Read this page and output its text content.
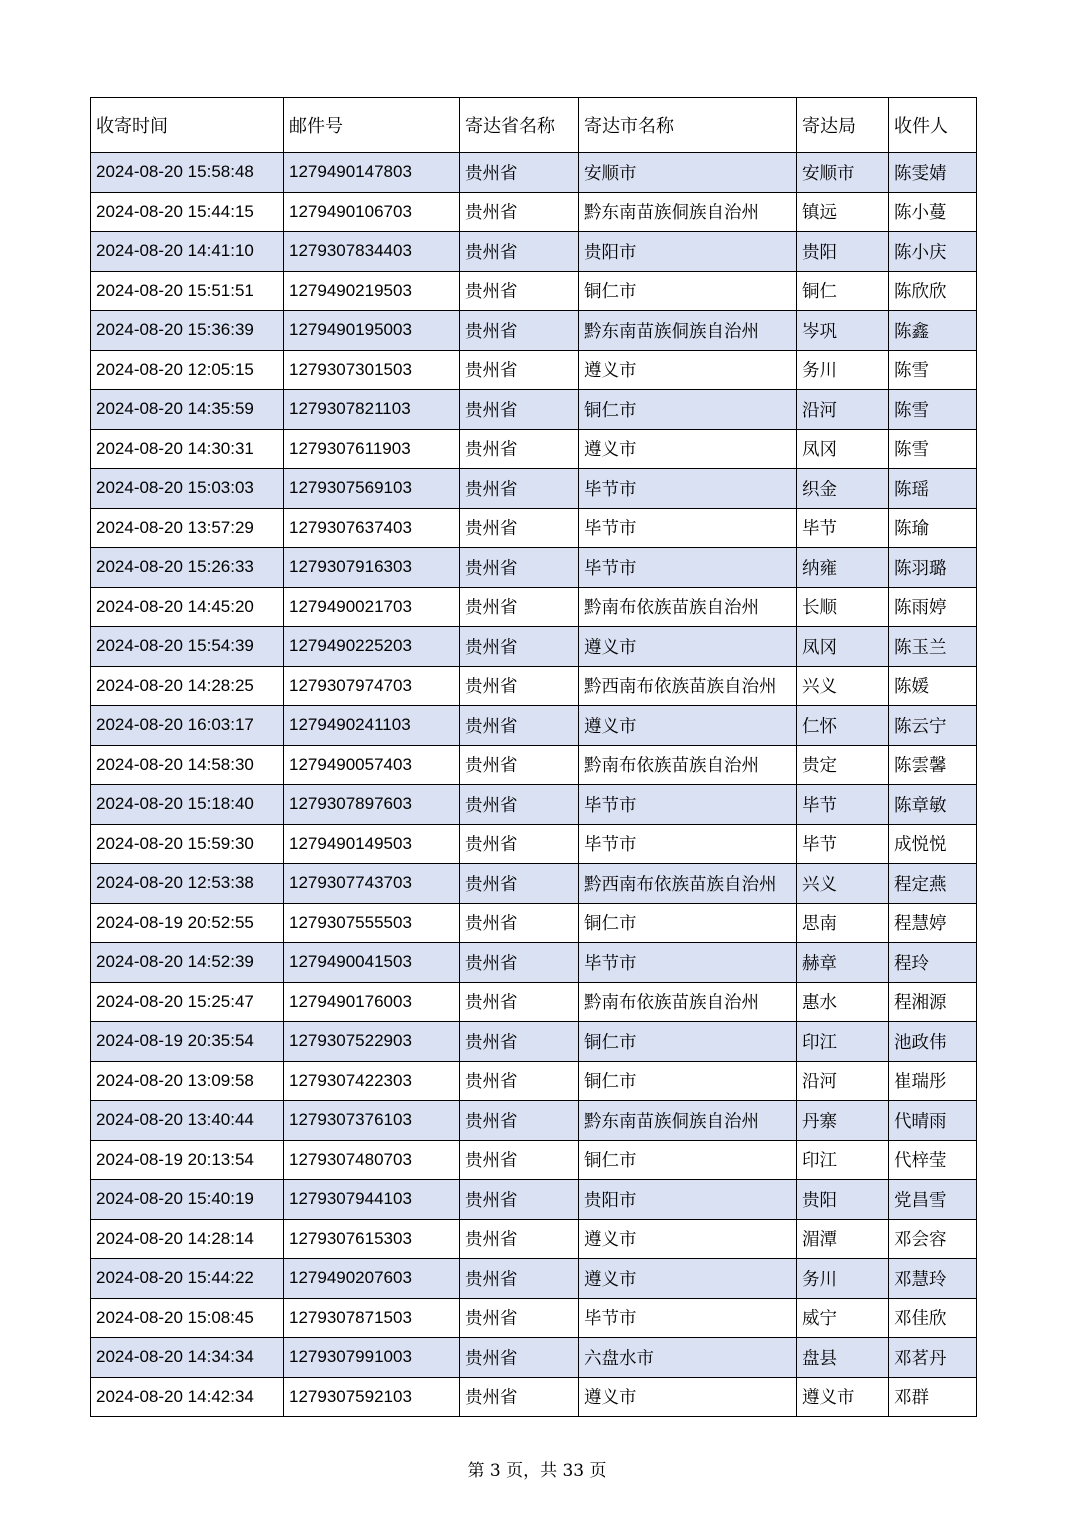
收寄时间	邮件号	寄达省名称	寄达市名称	寄达局	收件人
2024-08-20 15:58:48	1279490147803	贵州省	安顺市	安顺市	陈雯婧
2024-08-20 15:44:15	1279490106703	贵州省	黔东南苗族侗族自治州	镇远	陈小蔓
2024-08-20 14:41:10	1279307834403	贵州省	贵阳市	贵阳	陈小庆
2024-08-20 15:51:51	1279490219503	贵州省	铜仁市	铜仁	陈欣欣
2024-08-20 15:36:39	1279490195003	贵州省	黔东南苗族侗族自治州	岑巩	陈鑫
2024-08-20 12:05:15	1279307301503	贵州省	遵义市	务川	陈雪
2024-08-20 14:35:59	1279307821103	贵州省	铜仁市	沿河	陈雪
2024-08-20 14:30:31	1279307611903	贵州省	遵义市	凤冈	陈雪
2024-08-20 15:03:03	1279307569103	贵州省	毕节市	织金	陈瑶
2024-08-20 13:57:29	1279307637403	贵州省	毕节市	毕节	陈瑜
2024-08-20 15:26:33	1279307916303	贵州省	毕节市	纳雍	陈羽璐
2024-08-20 14:45:20	1279490021703	贵州省	黔南布依族苗族自治州	长顺	陈雨婷
2024-08-20 15:54:39	1279490225203	贵州省	遵义市	凤冈	陈玉兰
2024-08-20 14:28:25	1279307974703	贵州省	黔西南布依族苗族自治州	兴义	陈媛
2024-08-20 16:03:17	1279490241103	贵州省	遵义市	仁怀	陈云宁
2024-08-20 14:58:30	1279490057403	贵州省	黔南布依族苗族自治州	贵定	陈雲馨
2024-08-20 15:18:40	1279307897603	贵州省	毕节市	毕节	陈章敏
2024-08-20 15:59:30	1279490149503	贵州省	毕节市	毕节	成悦悦
2024-08-20 12:53:38	1279307743703	贵州省	黔西南布依族苗族自治州	兴义	程定燕
2024-08-19 20:52:55	1279307555503	贵州省	铜仁市	思南	程慧婷
2024-08-20 14:52:39	1279490041503	贵州省	毕节市	赫章	程玲
2024-08-20 15:25:47	1279490176003	贵州省	黔南布依族苗族自治州	惠水	程湘源
2024-08-19 20:35:54	1279307522903	贵州省	铜仁市	印江	池政伟
2024-08-20 13:09:58	1279307422303	贵州省	铜仁市	沿河	崔瑞彤
2024-08-20 13:40:44	1279307376103	贵州省	黔东南苗族侗族自治州	丹寨	代晴雨
2024-08-19 20:13:54	1279307480703	贵州省	铜仁市	印江	代梓莹
2024-08-20 15:40:19	1279307944103	贵州省	贵阳市	贵阳	党昌雪
2024-08-20 14:28:14	1279307615303	贵州省	遵义市	湄潭	邓会容
2024-08-20 15:44:22	1279490207603	贵州省	遵义市	务川	邓慧玲
2024-08-20 15:08:45	1279307871503	贵州省	毕节市	威宁	邓佳欣
2024-08-20 14:34:34	1279307991003	贵州省	六盘水市	盘县	邓茗丹
2024-08-20 14:42:34	1279307592103	贵州省	遵义市	遵义市	邓群
第 3 页，共 33 页
